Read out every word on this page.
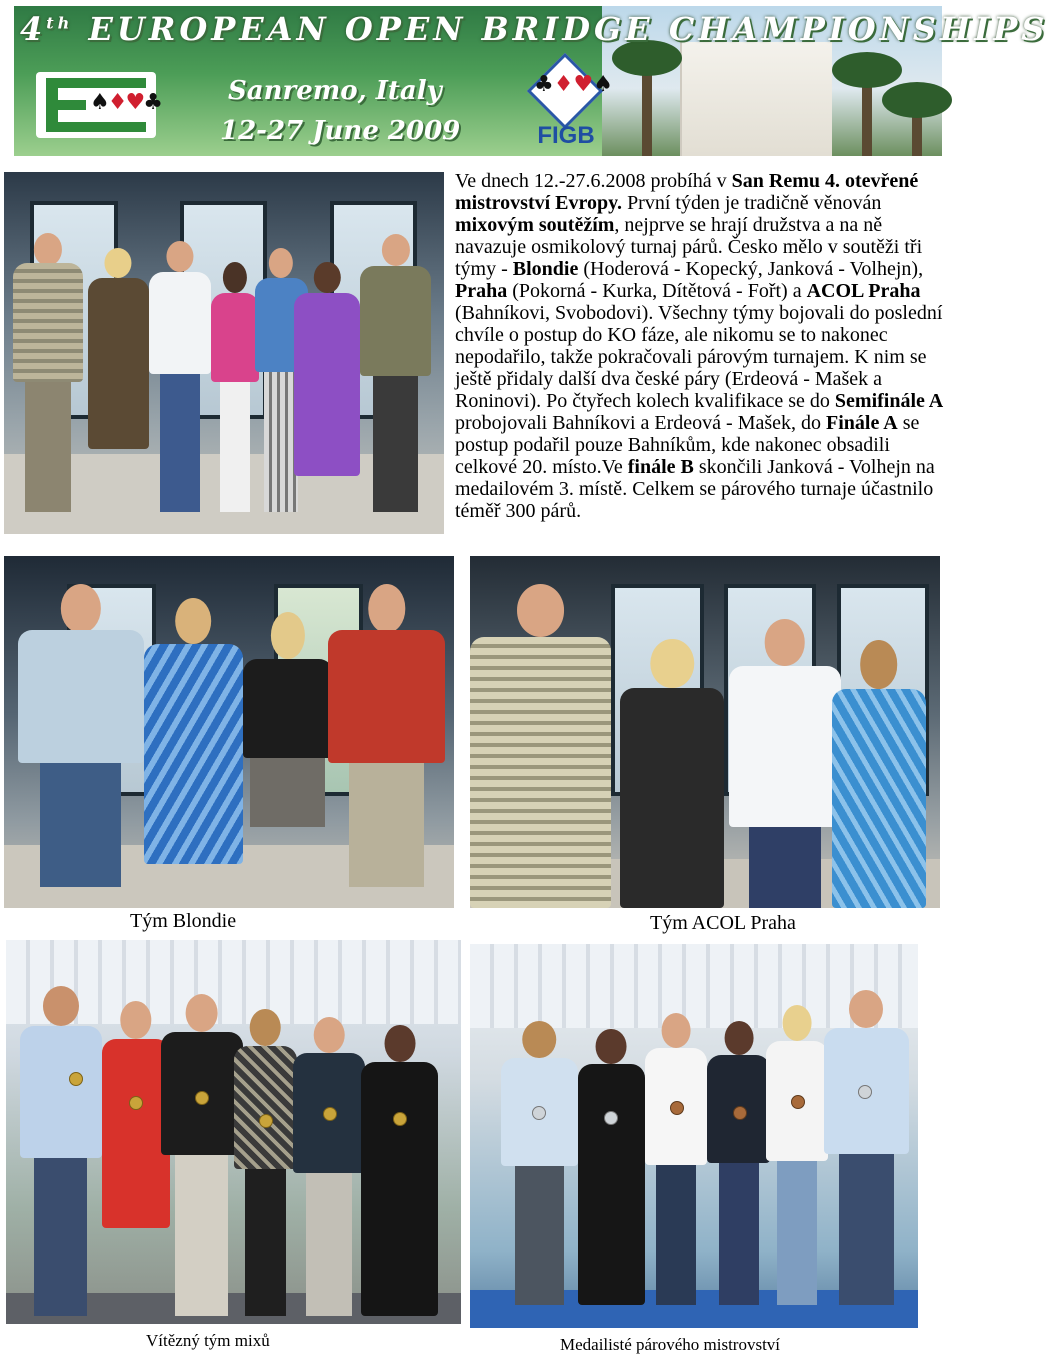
4th EUROPEAN OPEN BRIDGE CHAMPIONSHIPS
♠♦♥♣	Sanremo, Italy
12-27 June 2009
♣♦♥♠
FIGB

Ve dnech 12.-27.6.2008 probíhá v San Remu 4. otevřené mistrovství Evropy. První týden je tradičně věnován mixovým soutěžím, nejprve se hrají družstva a na ně navazuje osmikolový turnaj párů. Česko mělo v soutěži tři týmy - Blondie (Hoderová - Kopecký, Janková - Volhejn), Praha (Pokorná - Kurka, Dítětová - Fořt) a ACOL Praha (Bahníkovi, Svobodovi). Všechny týmy bojovali do poslední chvíle o postup do KO fáze, ale nikomu se to nakonec nepodařilo, takže pokračovali párovým turnajem. K nim se ještě přidaly další dva české páry (Erdeová - Mašek a Roninovi). Po čtyřech kolech kvalifikace se do Semifinále A probojovali Bahníkovi a Erdeová - Mašek, do Finále A se postup podařil pouze Bahníkům, kde nakonec obsadili celkové 20. místo.Ve finále B skončili Janková - Volhejn na medailovém 3. místě. Celkem se párového turnaje účastnilo téměř 300 párů.

Tým Blondie	Tým ACOL Praha
Vítězný tým mixů	Medailisté párového mistrovství
